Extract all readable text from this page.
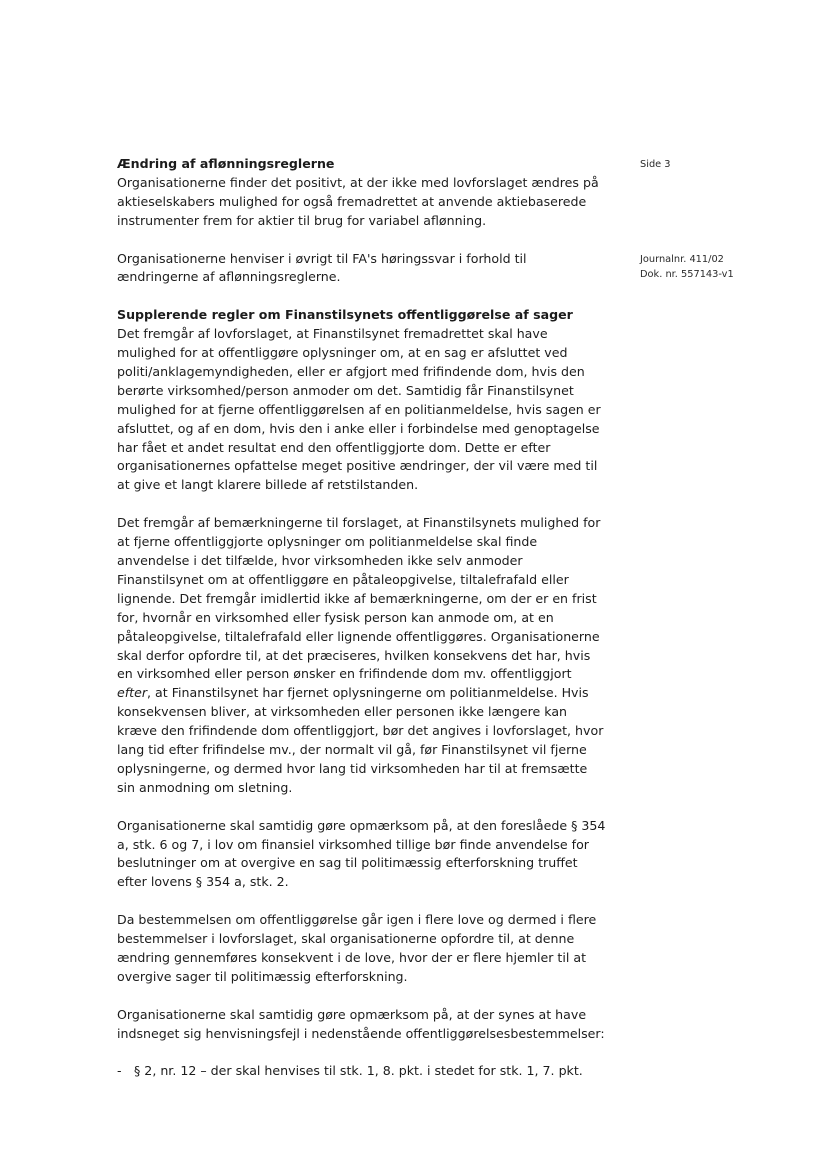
Side 3
Journalnr. 411/02
Dok. nr. 557143-v1
Ændring af aflønningsreglerne

Organisationerne finder det positivt, at der ikke med lovforslaget ændres på aktieselskabers mulighed for også fremadrettet at anvende aktiebaserede instrumenter frem for aktier til brug for variabel aflønning.

Organisationerne henviser i øvrigt til FA's høringssvar i forhold til ændringerne af aflønningsreglerne.

Supplerende regler om Finanstilsynets offentliggørelse af sager

Det fremgår af lovforslaget, at Finanstilsynet fremadrettet skal have mulighed for at offentliggøre oplysninger om, at en sag er afsluttet ved politi/anklagemyndigheden, eller er afgjort med frifindende dom, hvis den berørte virksomhed/person anmoder om det. Samtidig får Finanstilsynet mulighed for at fjerne offentliggørelsen af en politianmeldelse, hvis sagen er afsluttet, og af en dom, hvis den i anke eller i forbindelse med genoptagelse har fået et andet resultat end den offentliggjorte dom. Dette er efter organisationernes opfattelse meget positive ændringer, der vil være med til at give et langt klarere billede af retstilstanden.

Det fremgår af bemærkningerne til forslaget, at Finanstilsynets mulighed for at fjerne offentliggjorte oplysninger om politianmeldelse skal finde anvendelse i det tilfælde, hvor virksomheden ikke selv anmoder Finanstilsynet om at offentliggøre en påtaleopgivelse, tiltalefrafald eller lignende. Det fremgår imidlertid ikke af bemærkningerne, om der er en frist for, hvornår en virksomhed eller fysisk person kan anmode om, at en påtaleopgivelse, tiltalefrafald eller lignende offentliggøres. Organisationerne skal derfor opfordre til, at det præciseres, hvilken konsekvens det har, hvis en virksomhed eller person ønsker en frifindende dom mv. offentliggjort efter, at Finanstilsynet har fjernet oplysningerne om politianmeldelse. Hvis konsekvensen bliver, at virksomheden eller personen ikke længere kan kræve den frifindende dom offentliggjort, bør det angives i lovforslaget, hvor lang tid efter frifindelse mv., der normalt vil gå, før Finanstilsynet vil fjerne oplysningerne, og dermed hvor lang tid virksomheden har til at fremsætte sin anmodning om sletning.

Organisationerne skal samtidig gøre opmærksom på, at den foreslåede § 354 a, stk. 6 og 7, i lov om finansiel virksomhed tillige bør finde anvendelse for beslutninger om at overgive en sag til politimæssig efterforskning truffet efter lovens § 354 a, stk. 2.

Da bestemmelsen om offentliggørelse går igen i flere love og dermed i flere bestemmelser i lovforslaget, skal organisationerne opfordre til, at denne ændring gennemføres konsekvent i de love, hvor der er flere hjemler til at overgive sager til politimæssig efterforskning.

Organisationerne skal samtidig gøre opmærksom på, at der synes at have indsneget sig henvisningsfejl i nedenstående offentliggørelsesbestemmelser:

- § 2, nr. 12 – der skal henvises til stk. 1, 8. pkt. i stedet for stk. 1, 7. pkt.
